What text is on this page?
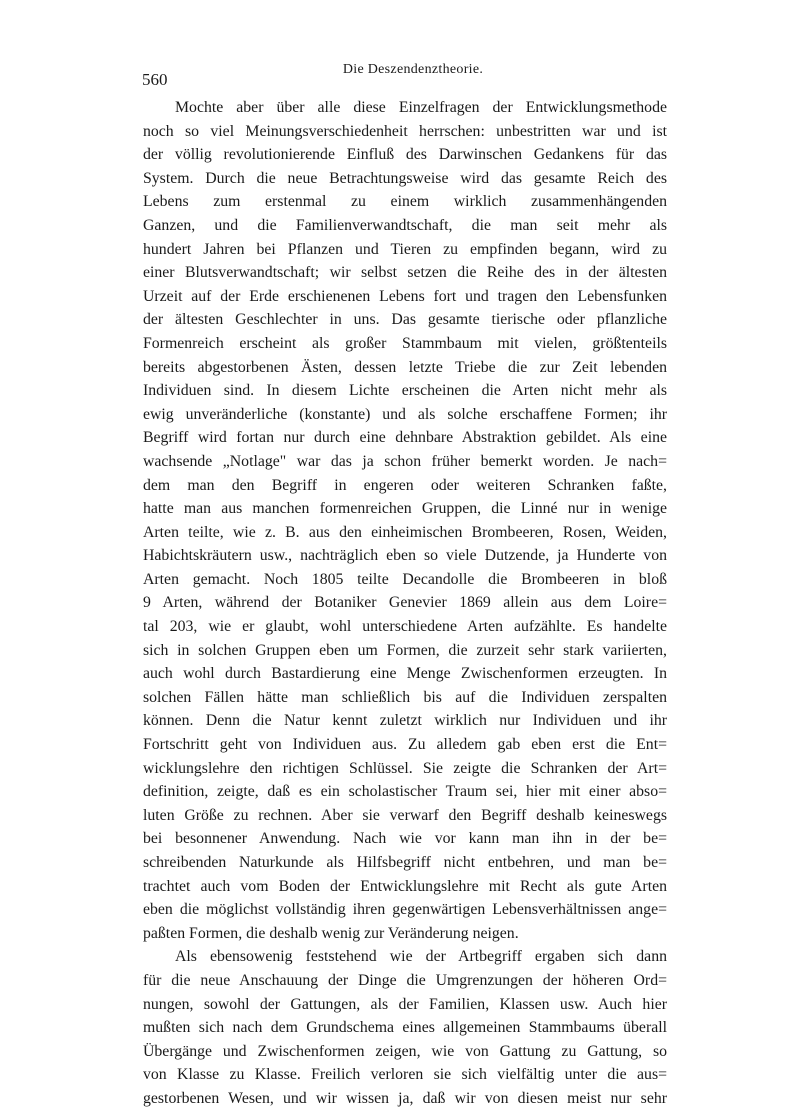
560
Die Deszendenztheorie.
Mochte aber über alle diese Einzelfragen der Entwicklungsmethode
noch so viel Meinungsverschiedenheit herrschen: unbestritten war und ist
der völlig revolutionierende Einfluß des Darwinschen Gedankens für das
System. Durch die neue Betrachtungsweise wird das gesamte Reich des
Lebens zum erstenmal zu einem wirklich zusammenhängenden
Ganzen, und die Familienverwandtschaft, die man seit mehr als
hundert Jahren bei Pflanzen und Tieren zu empfinden begann, wird zu
einer Blutsverwandtschaft; wir selbst setzen die Reihe des in der ältesten
Urzeit auf der Erde erschienenen Lebens fort und tragen den Lebensfunken
der ältesten Geschlechter in uns. Das gesamte tierische oder pflanzliche
Formenreich erscheint als großer Stammbaum mit vielen, größtenteils
bereits abgestorbenen Ästen, dessen letzte Triebe die zur Zeit lebenden
Individuen sind. In diesem Lichte erscheinen die Arten nicht mehr als
ewig unveränderliche (konstante) und als solche erschaffene Formen; ihr
Begriff wird fortan nur durch eine dehnbare Abstraktion gebildet. Als eine
wachsende „Notlage" war das ja schon früher bemerkt worden. Je nach=
dem man den Begriff in engeren oder weiteren Schranken faßte,
hatte man aus manchen formenreichen Gruppen, die Linné nur in wenige
Arten teilte, wie z. B. aus den einheimischen Brombeeren, Rosen, Weiden,
Habichtskräutern usw., nachträglich eben so viele Dutzende, ja Hunderte von
Arten gemacht. Noch 1805 teilte Decandolle die Brombeeren in bloß
9 Arten, während der Botaniker Genevier 1869 allein aus dem Loire=
tal 203, wie er glaubt, wohl unterschiedene Arten aufzählte. Es handelte
sich in solchen Gruppen eben um Formen, die zurzeit sehr stark variierten,
auch wohl durch Bastardierung eine Menge Zwischenformen erzeugten. In
solchen Fällen hätte man schließlich bis auf die Individuen zerspalten
können. Denn die Natur kennt zuletzt wirklich nur Individuen und ihr
Fortschritt geht von Individuen aus. Zu alledem gab eben erst die Ent=
wicklungslehre den richtigen Schlüssel. Sie zeigte die Schranken der Art=
definition, zeigte, daß es ein scholastischer Traum sei, hier mit einer abso=
luten Größe zu rechnen. Aber sie verwarf den Begriff deshalb keineswegs
bei besonnener Anwendung. Nach wie vor kann man ihn in der be=
schreibenden Naturkunde als Hilfsbegriff nicht entbehren, und man be=
trachtet auch vom Boden der Entwicklungslehre mit Recht als gute Arten
eben die möglichst vollständig ihren gegenwärtigen Lebensverhältnissen ange=
paßten Formen, die deshalb wenig zur Veränderung neigen.
Als ebensowenig feststehend wie der Artbegriff ergaben sich dann
für die neue Anschauung der Dinge die Umgrenzungen der höheren Ord=
nungen, sowohl der Gattungen, als der Familien, Klassen usw. Auch hier
mußten sich nach dem Grundschema eines allgemeinen Stammbaums überall
Übergänge und Zwischenformen zeigen, wie von Gattung zu Gattung, so
von Klasse zu Klasse. Freilich verloren sie sich vielfältig unter die aus=
gestorbenen Wesen, und wir wissen ja, daß wir von diesen meist nur sehr
